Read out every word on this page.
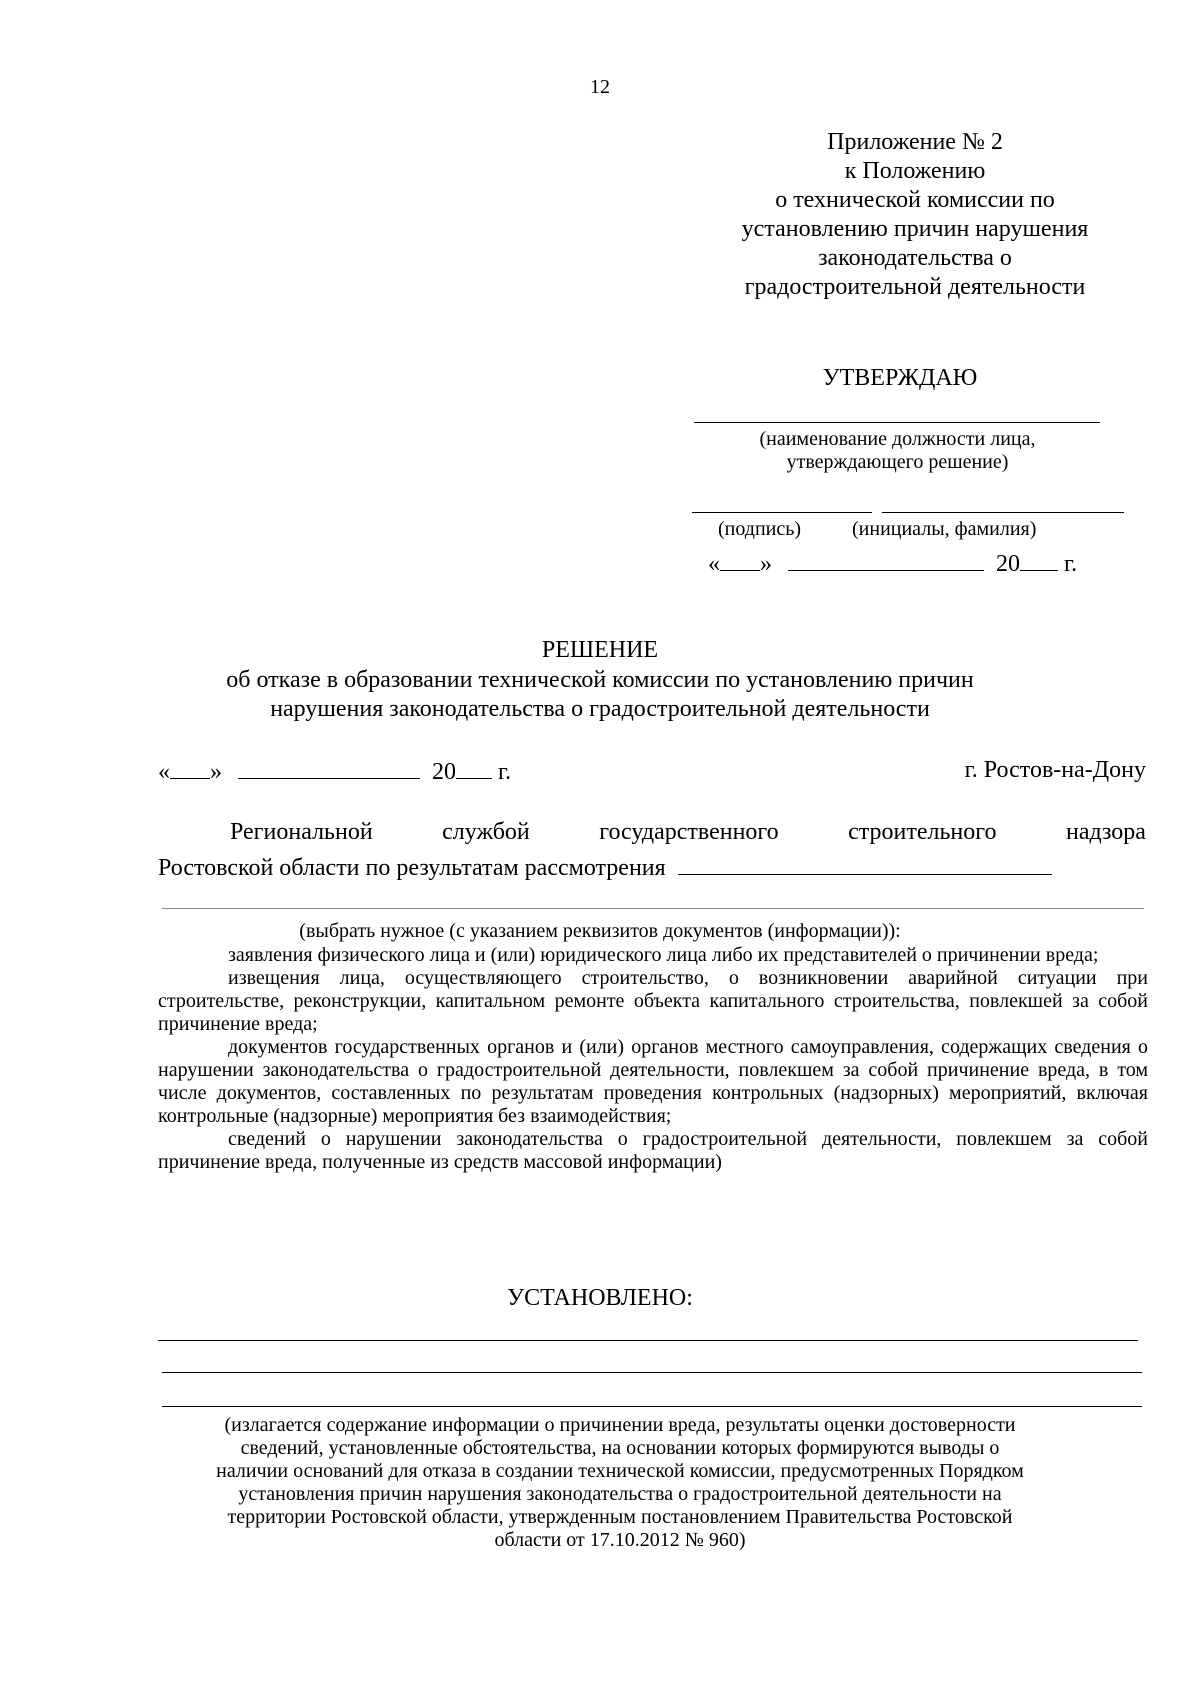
12
Приложение № 2
к Положению
о технической комиссии по
установлению причин нарушения
законодательства о
градостроительной деятельности
УТВЕРЖДАЮ
(наименование должности лица,
утверждающего решение)
(подпись)	(инициалы, фамилия)
« »	20 г.
РЕШЕНИЕ
об отказе в образовании технической комиссии по установлению причин
нарушения законодательства о градостроительной деятельности
« »	20 г.	г. Ростов-на-Дону
Региональной	службой	государственного	строительного	надзора
Ростовской области по результатам рассмотрения
(выбрать нужное (с указанием реквизитов документов (информации)):
заявления физического лица и (или) юридического лица либо их представителей о причинении вреда;
извещения лица, осуществляющего строительство, о возникновении аварийной ситуации при строительстве, реконструкции, капитальном ремонте объекта капитального строительства, повлекшей за собой причинение вреда;
документов государственных органов и (или) органов местного самоуправления, содержащих сведения о нарушении законодательства о градостроительной деятельности, повлекшем за собой причинение вреда, в том числе документов, составленных по результатам проведения контрольных (надзорных) мероприятий, включая контрольные (надзорные) мероприятия без взаимодействия;
сведений о нарушении законодательства о градостроительной деятельности, повлекшем за собой причинение вреда, полученные из средств массовой информации)
УСТАНОВЛЕНО:
(излагается содержание информации о причинении вреда, результаты оценки достоверности
сведений, установленные обстоятельства, на основании которых формируются выводы о
наличии оснований для отказа в создании технической комиссии, предусмотренных Порядком
установления причин нарушения законодательства о градостроительной деятельности на
территории Ростовской области, утвержденным постановлением Правительства Ростовской
области от 17.10.2012 № 960)
